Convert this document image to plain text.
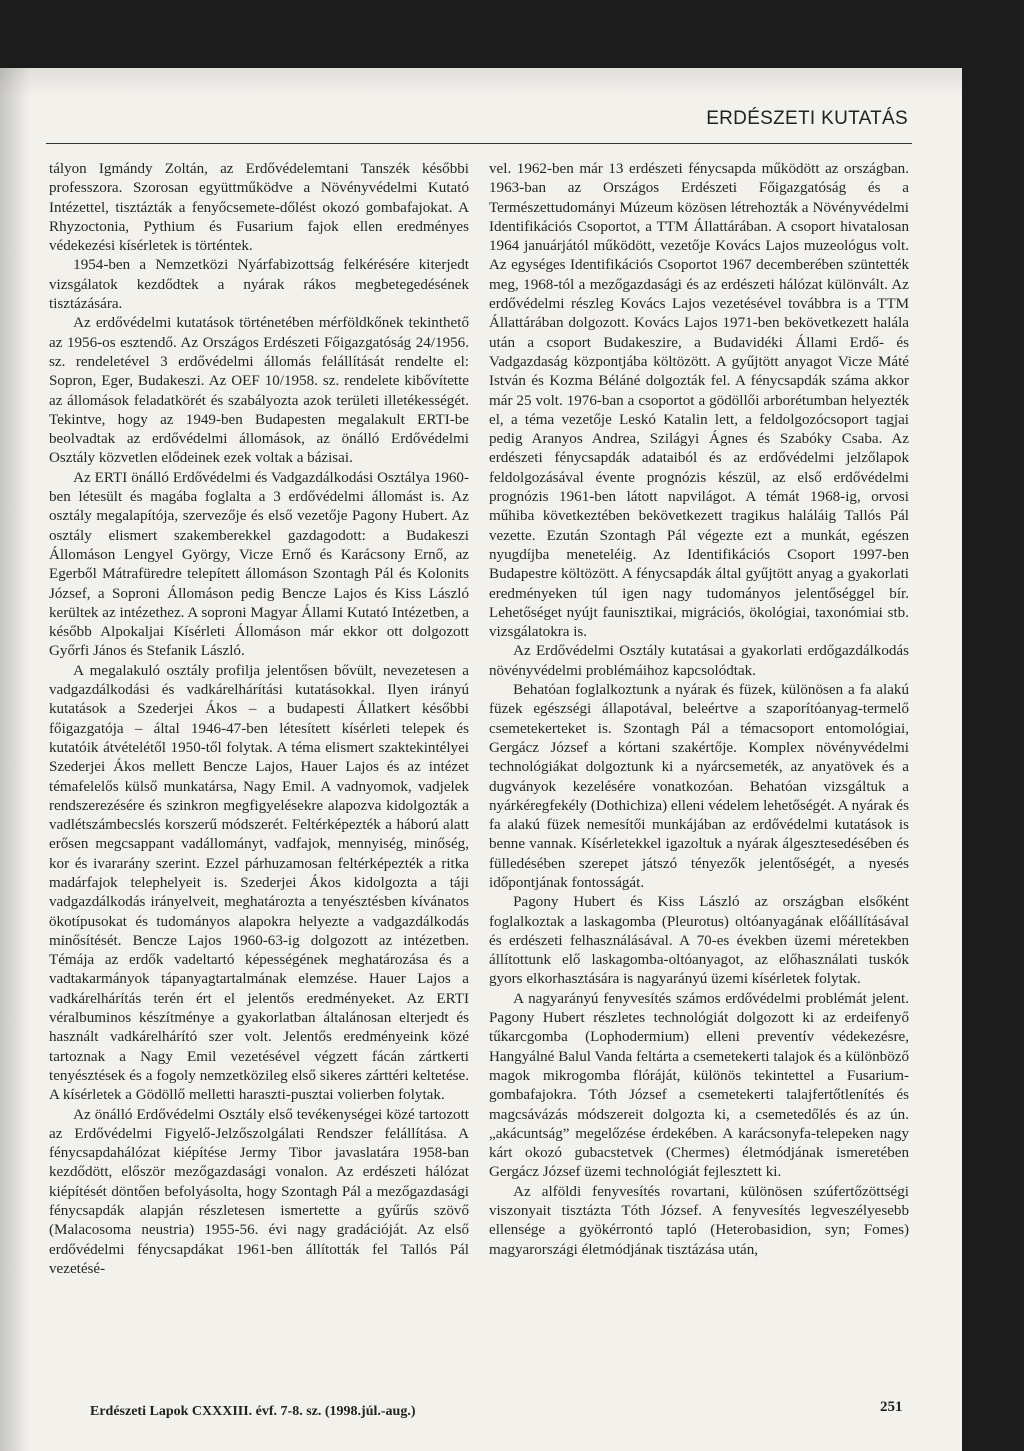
ERDÉSZETI KUTATÁS

tályon Igmándy Zoltán, az Erdővédelemtani Tanszék későbbi professzora. Szorosan együttműködve a Növényvédelmi Kutató Intézettel, tisztázták a fenyőcsemete-dőlést okozó gombafajokat. A Rhyzoctonia, Pythium és Fusarium fajok ellen eredményes védekezési kísérletek is történtek.

1954-ben a Nemzetközi Nyárfabizottság felkérésére kiterjedt vizsgálatok kezdődtek a nyárak rákos megbetegedésének tisztázására.

Az erdővédelmi kutatások történetében mérföldkőnek tekinthető az 1956-os esztendő. Az Országos Erdészeti Főigazgatóság 24/1956. sz. rendeletével 3 erdővédelmi állomás felállítását rendelte el: Sopron, Eger, Budakeszi. Az OEF 10/1958. sz. rendelete kibővítette az állomások feladatkörét és szabályozta azok területi illetékességét. Tekintve, hogy az 1949-ben Budapesten megalakult ERTI-be beolvadtak az erdővédelmi állomások, az önálló Erdővédelmi Osztály közvetlen elődeinek ezek voltak a bázisai.

Az ERTI önálló Erdővédelmi és Vadgazdálkodási Osztálya 1960-ben létesült és magába foglalta a 3 erdővédelmi állomást is. Az osztály megalapítója, szervezője és első vezetője Pagony Hubert. Az osztály elismert szakemberekkel gazdagodott: a Budakeszi Állomáson Lengyel György, Vicze Ernő és Karácsony Ernő, az Egerből Mátrafüredre telepített állomáson Szontagh Pál és Kolonits József, a Soproni Állomáson pedig Bencze Lajos és Kiss László kerültek az intézethez. A soproni Magyar Állami Kutató Intézetben, a később Alpokaljai Kísérleti Állomáson már ekkor ott dolgozott Győrfi János és Stefanik László.

A megalakuló osztály profilja jelentősen bővült, nevezetesen a vadgazdálkodási és vadkárelhárítási kutatásokkal. Ilyen irányú kutatások a Szederjei Ákos – a budapesti Állatkert későbbi főigazgatója – által 1946-47-ben létesített kísérleti telepek és kutatóik átvételétől 1950-től folytak. A téma elismert szaktekintélyei Szederjei Ákos mellett Bencze Lajos, Hauer Lajos és az intézet témafelelős külső munkatársa, Nagy Emil. A vadnyomok, vadjelek rendszerezésére és szinkron megfigyelésekre alapozva kidolgozták a vadlétszámbecslés korszerű módszerét. Feltérképezték a háború alatt erősen megcsappant vadállományt, vadfajok, mennyiség, minőség, kor és ivararány szerint. Ezzel párhuzamosan feltérképezték a ritka madárfajok telephelyeit is. Szederjei Ákos kidolgozta a táji vadgazdálkodás irányelveit, meghatározta a tenyésztésben kívánatos ökotípusokat és tudományos alapokra helyezte a vadgazdálkodás minősítését. Bencze Lajos 1960-63-ig dolgozott az intézetben. Témája az erdők vadeltartó képességének meghatározása és a vadtakarmányok tápanyagtartalmának elemzése. Hauer Lajos a vadkárelhárítás terén ért el jelentős eredményeket. Az ERTI véralbuminos készítménye a gyakorlatban általánosan elterjedt és használt vadkárelhárító szer volt. Jelentős eredményeink közé tartoznak a Nagy Emil vezetésével végzett fácán zártkerti tenyésztések és a fogoly nemzetközileg első sikeres zárttéri keltetése. A kísérletek a Gödöllő melletti haraszti-pusztai volierben folytak.

Az önálló Erdővédelmi Osztály első tevékenységei közé tartozott az Erdővédelmi Figyelő-Jelzőszolgálati Rendszer felállítása. A fénycsapdahálózat kiépítése Jermy Tibor javaslatára 1958-ban kezdődött, először mezőgazdasági vonalon. Az erdészeti hálózat kiépítését döntően befolyásolta, hogy Szontagh Pál a mezőgazdasági fénycsapdák alapján részletesen ismertette a gyűrűs szövő (Malacosoma neustria) 1955-56. évi nagy gradációját. Az első erdővédelmi fénycsapdákat 1961-ben állították fel Tallós Pál vezetésé-

vel. 1962-ben már 13 erdészeti fénycsapda működött az országban. 1963-ban az Országos Erdészeti Főigazgatóság és a Természettudományi Múzeum közösen létrehozták a Növényvédelmi Identifikációs Csoportot, a TTM Állattárában. A csoport hivatalosan 1964 januárjától működött, vezetője Kovács Lajos muzeológus volt. Az egységes Identifikációs Csoportot 1967 decemberében szüntették meg, 1968-tól a mezőgazdasági és az erdészeti hálózat különvált. Az erdővédelmi részleg Kovács Lajos vezetésével továbbra is a TTM Állattárában dolgozott. Kovács Lajos 1971-ben bekövetkezett halála után a csoport Budakeszire, a Budavidéki Állami Erdő- és Vadgazdaság központjába költözött. A gyűjtött anyagot Vicze Máté István és Kozma Béláné dolgozták fel. A fénycsapdák száma akkor már 25 volt. 1976-ban a csoportot a gödöllői arborétumban helyezték el, a téma vezetője Leskó Katalin lett, a feldolgozócsoport tagjai pedig Aranyos Andrea, Szilágyi Ágnes és Szabóky Csaba. Az erdészeti fénycsapdák adataiból és az erdővédelmi jelzőlapok feldolgozásával évente prognózis készül, az első erdővédelmi prognózis 1961-ben látott napvilágot. A témát 1968-ig, orvosi műhiba következtében bekövetkezett tragikus haláláig Tallós Pál vezette. Ezután Szontagh Pál végezte ezt a munkát, egészen nyugdíjba meneteléig. Az Identifikációs Csoport 1997-ben Budapestre költözött. A fénycsapdák által gyűjtött anyag a gyakorlati eredményeken túl igen nagy tudományos jelentőséggel bír. Lehetőséget nyújt faunisztikai, migrációs, ökológiai, taxonómiai stb. vizsgálatokra is.

Az Erdővédelmi Osztály kutatásai a gyakorlati erdőgazdálkodás növényvédelmi problémáihoz kapcsolódtak.

Behatóan foglalkoztunk a nyárak és füzek, különösen a fa alakú füzek egészségi állapotával, beleértve a szaporítóanyag-termelő csemetekerteket is. Szontagh Pál a témacsoport entomológiai, Gergácz József a kórtani szakértője. Komplex növényvédelmi technológiákat dolgoztunk ki a nyárcsemeték, az anyatövek és a dugványok kezelésére vonatkozóan. Behatóan vizsgáltuk a nyárkéregfekély (Dothichiza) elleni védelem lehetőségét. A nyárak és fa alakú füzek nemesítői munkájában az erdővédelmi kutatások is benne vannak. Kísérletekkel igazoltuk a nyárak álgesztesedésében és fülledésében szerepet játszó tényezők jelentőségét, a nyesés időpontjának fontosságát.

Pagony Hubert és Kiss László az országban elsőként foglalkoztak a laskagomba (Pleurotus) oltóanyagának előállításával és erdészeti felhasználásával. A 70-es években üzemi méretekben állítottunk elő laskagomba-oltóanyagot, az előhasználati tuskók gyors elkorhasztására is nagyarányú üzemi kísérletek folytak.

A nagyarányú fenyvesítés számos erdővédelmi problémát jelent. Pagony Hubert részletes technológiát dolgozott ki az erdeifenyő tűkarcgomba (Lophodermium) elleni preventív védekezésre, Hangyálné Balul Vanda feltárta a csemetekerti talajok és a különböző magok mikrogomba flóráját, különös tekintettel a Fusarium-gombafajokra. Tóth József a csemetekerti talajfertőtlenítés és magcsávázás módszereit dolgozta ki, a csemetedőlés és az ún. „akácuntság” megelőzése érdekében. A karácsonyfa-telepeken nagy kárt okozó gubacstetvek (Chermes) életmódjának ismeretében Gergácz József üzemi technológiát fejlesztett ki.

Az alföldi fenyvesítés rovartani, különösen szúfertőzöttségi viszonyait tisztázta Tóth József. A fenyvesítés legveszélyesebb ellensége a gyökérrontó tapló (Heterobasidion, syn; Fomes) magyarországi életmódjának tisztázása után,

Erdészeti Lapok CXXXIII. évf. 7-8. sz. (1998.júl.-aug.)	251
